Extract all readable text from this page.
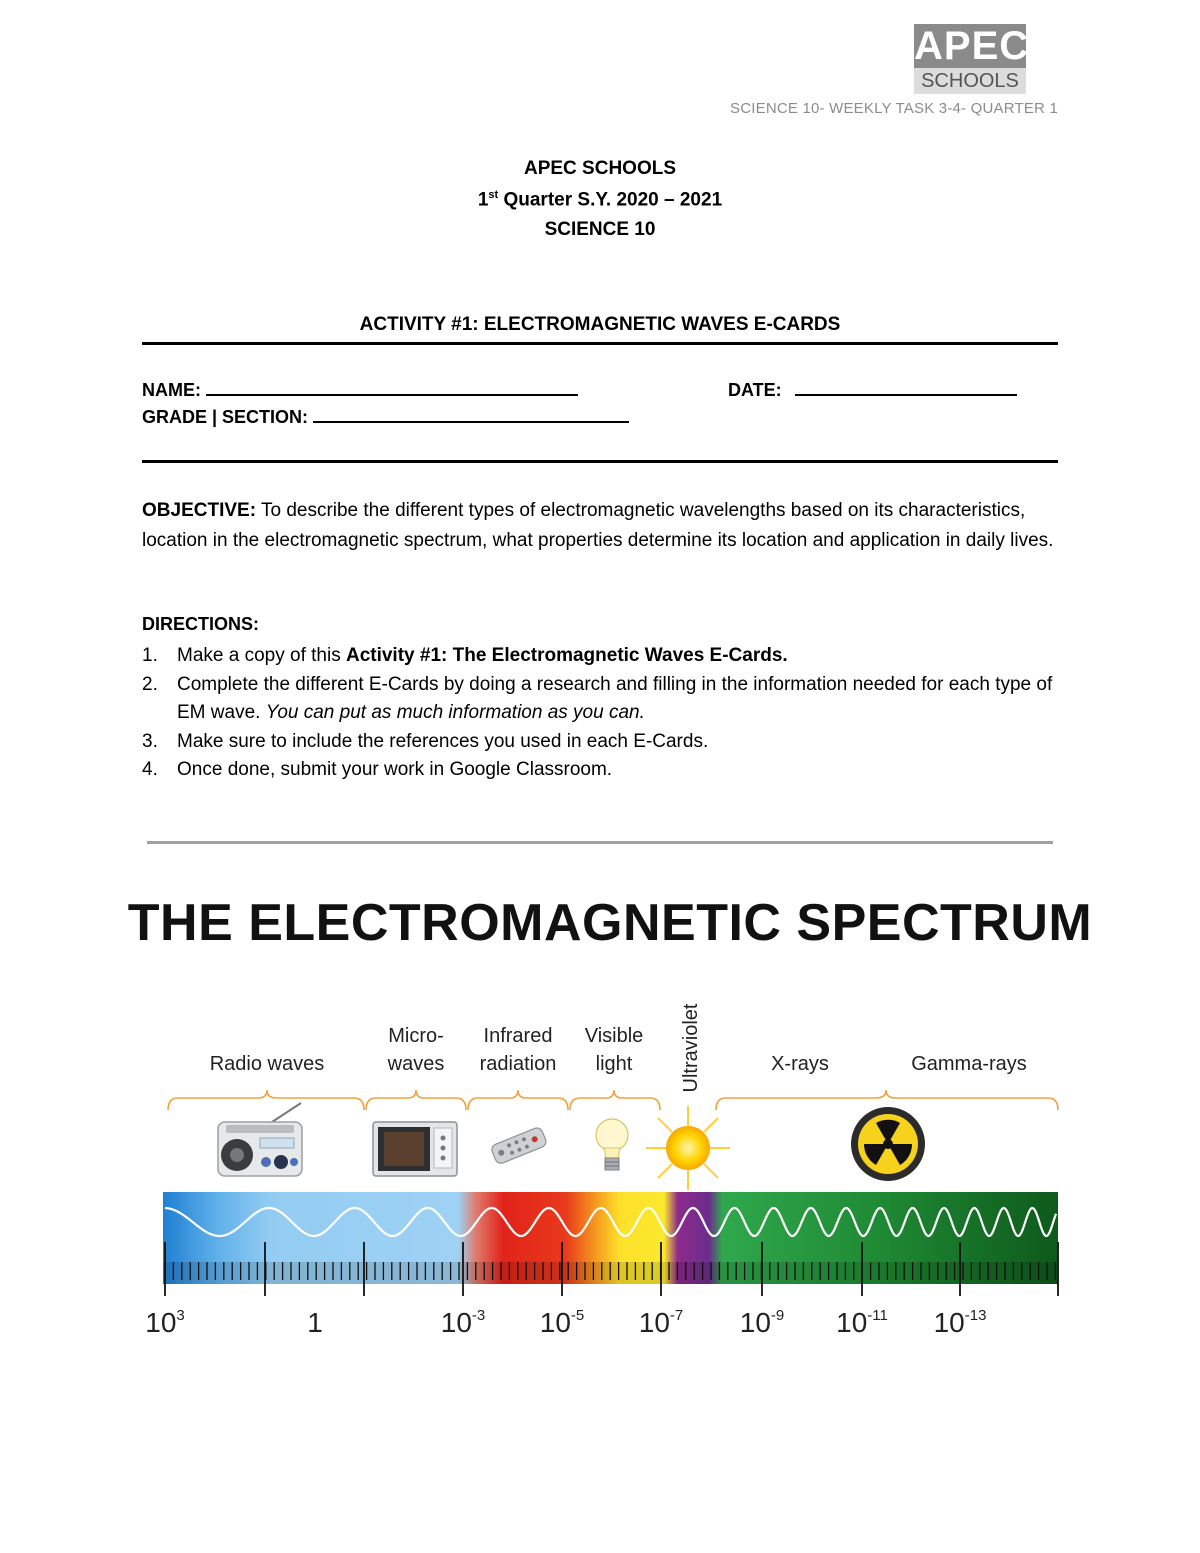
APEC
SCHOOLS
SCIENCE 10- WEEKLY TASK 3-4- QUARTER 1
APEC SCHOOLS
1st Quarter S.Y. 2020 – 2021
SCIENCE 10
ACTIVITY #1: ELECTROMAGNETIC WAVES E-CARDS
NAME:	DATE:
GRADE | SECTION:
OBJECTIVE: To describe the different types of electromagnetic wavelengths based on its characteristics, location in the electromagnetic spectrum, what properties determine its location and application in daily lives.
DIRECTIONS:
1. Make a copy of this Activity #1: The Electromagnetic Waves E-Cards.
2. Complete the different E-Cards by doing a research and filling in the information needed for each type of EM wave. You can put as much information as you can.
3. Make sure to include the references you used in each E-Cards.
4. Once done, submit your work in Google Classroom.
THE ELECTROMAGNETIC SPECTRUM
Radio waves
Micro-
waves
Infrared
radiation
Visible
light Ultraviolet	X-rays	Gamma-rays
$10^3$	1	$10^{-3}$ $10^{-5}$ $10^{-7}$ $10^{-9}$ $10^{-11}$ $10^{-13}$
